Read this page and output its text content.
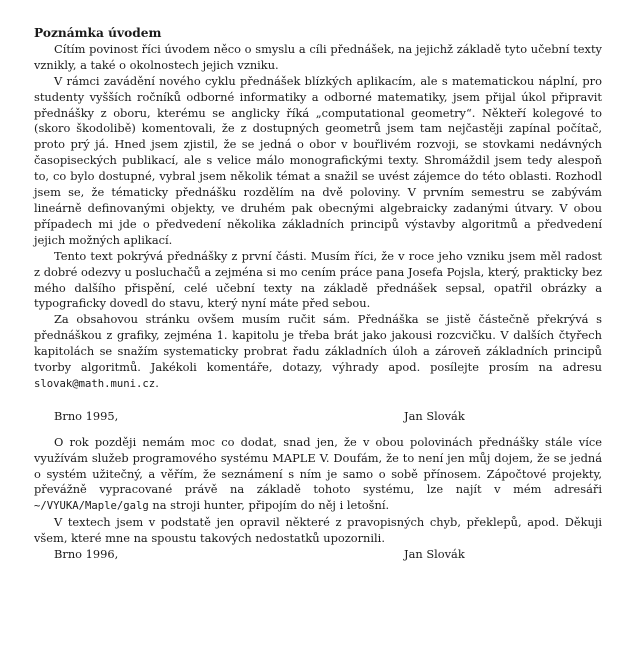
Poznámka úvodem

Cítím povinost říci úvodem něco o smyslu a cíli přednášek, na jejichž základě tyto učební texty vznikly, a také o okolnostech jejich vzniku.

V rámci zavádění nového cyklu přednášek blízkých aplikacím, ale s matematickou náplní, pro studenty vyšších ročníků odborné informatiky a odborné matematiky, jsem přijal úkol připravit přednášky z oboru, kterému se anglicky říká „computational geometry“. Někteří kolegové to (skoro škodolibě) komentovali, že z dostupných geometrů jsem tam nejčastěji zapínal počítač, proto prý já. Hned jsem zjistil, že se jedná o obor v bouřlivém rozvoji, se stovkami nedávných časopiseckých publikací, ale s velice málo monografickými texty. Shromáždil jsem tedy alespoň to, co bylo dostupné, vybral jsem několik témat a snažil se uvést zájemce do této oblasti. Rozhodl jsem se, že tématicky přednášku rozdělím na dvě poloviny. V prvním semestru se zabývám lineárně definovanými objekty, ve druhém pak obecnými algebraicky zadanými útvary. V obou případech mi jde o předvedení několika základních principů výstavby algoritmů a předvedení jejich možných aplikací.

Tento text pokrývá přednášky z první části. Musím říci, že v roce jeho vzniku jsem měl radost z dobré odezvy u posluchačů a zejména si mo cením práce pana Josefa Pojsla, který, prakticky bez mého dalšího přispění, celé učební texty na základě přednášek sepsal, opatřil obrázky a typograficky dovedl do stavu, který nyní máte před sebou.

Za obsahovou stránku ovšem musím ručit sám. Přednáška se jistě částečně překrývá s přednáškou z grafiky, zejména 1. kapitolu je třeba brát jako jakousi rozcvičku. V dalších čtyřech kapitolách se snažím systematicky probrat řadu základních úloh a zároveň základních principů tvorby algoritmů. Jakékoli komentáře, dotazy, výhrady apod. posílejte prosím na adresu slovak@math.muni.cz.

Brno 1995,	Jan Slovák

O rok později nemám moc co dodat, snad jen, že v obou polovinách přednášky stále více využívám služeb programového systému MAPLE V. Doufám, že to není jen můj dojem, že se jedná o systém užitečný, a věřím, že seznámení s ním je samo o sobě přínosem. Zápočtové projekty, převážně vypracované právě na základě tohoto systému, lze najít v mém adresáři ~/VYUKA/Maple/galg na stroji hunter, připojím do něj i letošní.

V textech jsem v podstatě jen opravil některé z pravopisných chyb, překlepů, apod. Děkuji všem, které mne na spoustu takových nedostatků upozornili.

Brno 1996,	Jan Slovák
